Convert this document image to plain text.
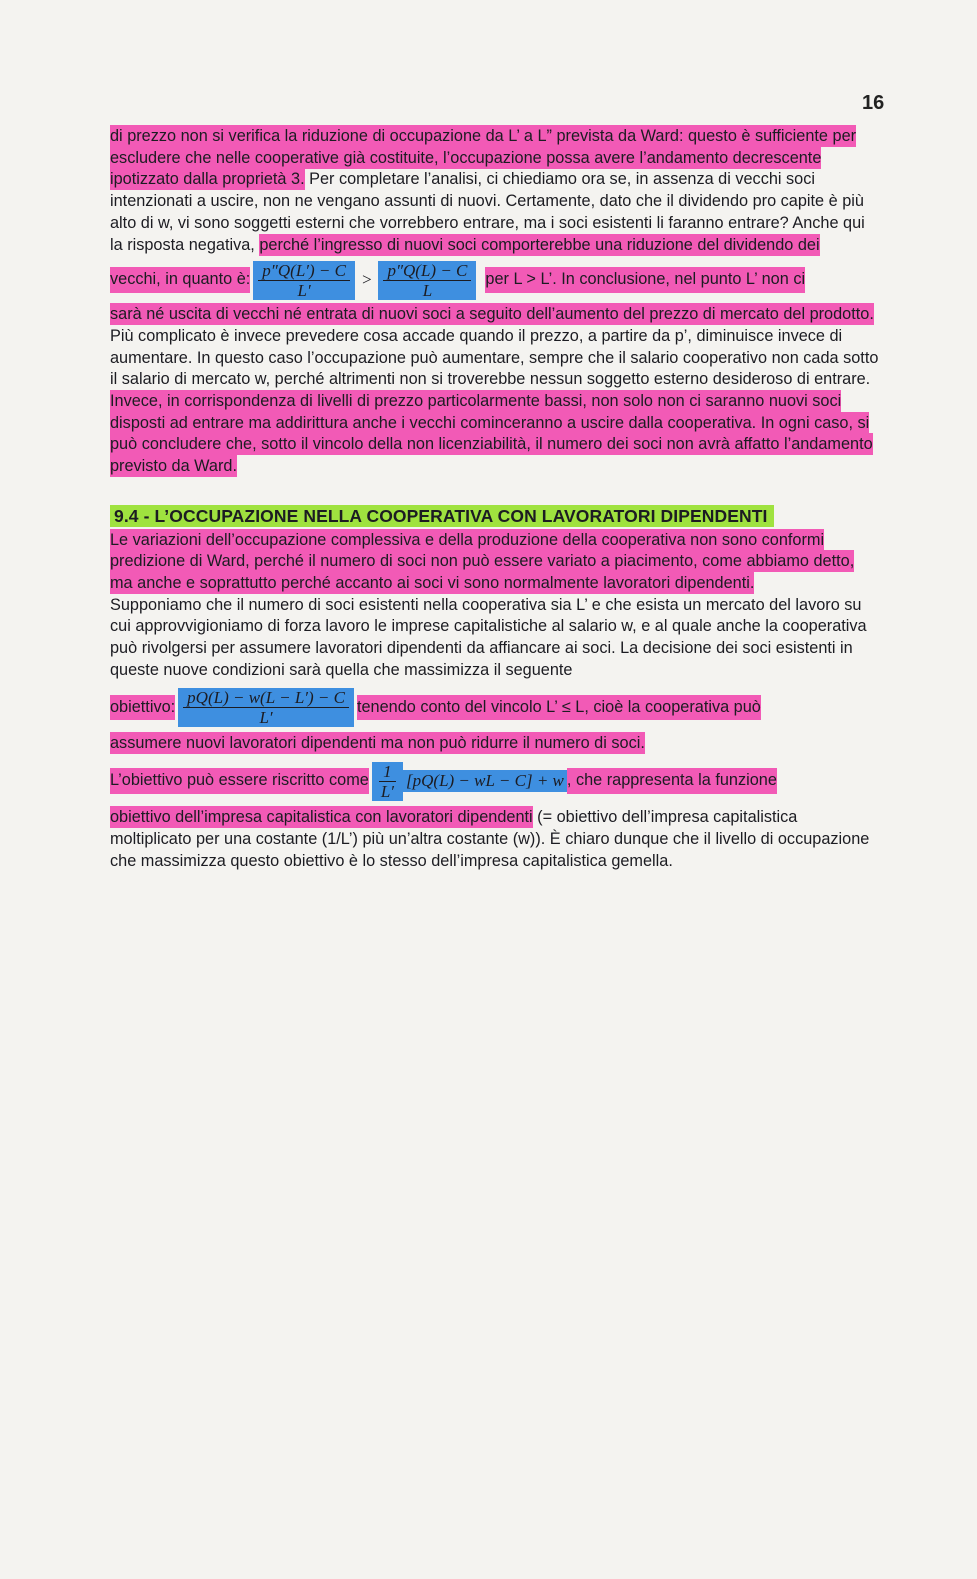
16

di prezzo non si verifica la riduzione di occupazione da L’ a L” prevista da Ward: questo è sufficiente per escludere che nelle cooperative già costituite, l’occupazione possa avere l’andamento decrescente ipotizzato dalla proprietà 3. Per completare l’analisi, ci chiediamo ora se, in assenza di vecchi soci intenzionati a uscire, non ne vengano assunti di nuovi. Certamente, dato che il dividendo pro capite è più alto di w, vi sono soggetti esterni che vorrebbero entrare, ma i soci esistenti li faranno entrare? Anche qui la risposta negativa, perché l’ingresso di nuovi soci comporterebbe una riduzione del dividendo dei

vecchi, in quanto è: $\frac{p''Q(L') - C}{L'} > \frac{p''Q(L) - C}{L}$ per L > L’. In conclusione, nel punto L’ non ci

sarà né uscita di vecchi né entrata di nuovi soci a seguito dell’aumento del prezzo di mercato del prodotto. Più complicato è invece prevedere cosa accade quando il prezzo, a partire da p’, diminuisce invece di aumentare. In questo caso l’occupazione può aumentare, sempre che il salario cooperativo non cada sotto il salario di mercato w, perché altrimenti non si troverebbe nessun soggetto esterno desideroso di entrare. Invece, in corrispondenza di livelli di prezzo particolarmente bassi, non solo non ci saranno nuovi soci disposti ad entrare ma addirittura anche i vecchi cominceranno a uscire dalla cooperativa. In ogni caso, si può concludere che, sotto il vincolo della non licenziabilità, il numero dei soci non avrà affatto l’andamento previsto da Ward.

9.4 - L’OCCUPAZIONE NELLA COOPERATIVA CON LAVORATORI DIPENDENTI

Le variazioni dell’occupazione complessiva e della produzione della cooperativa non sono conformi predizione di Ward, perché il numero di soci non può essere variato a piacimento, come abbiamo detto, ma anche e soprattutto perché accanto ai soci vi sono normalmente lavoratori dipendenti.

Supponiamo che il numero di soci esistenti nella cooperativa sia L’ e che esista un mercato del lavoro su cui approvvigioniamo di forza lavoro le imprese capitalistiche al salario w, e al quale anche la cooperativa può rivolgersi per assumere lavoratori dipendenti da affiancare ai soci. La decisione dei soci esistenti in queste nuove condizioni sarà quella che massimizza il seguente

obiettivo: $\frac{pQ(L) - w(L - L') - C}{L'}$ tenendo conto del vincolo L’ ≤ L, cioè la cooperativa può

assumere nuovi lavoratori dipendenti ma non può ridurre il numero di soci.

L’obiettivo può essere riscritto come $\frac{1}{L'} [pQ(L)$ − wL − C] + w , che rappresenta la funzione

obiettivo dell’impresa capitalistica con lavoratori dipendenti (= obiettivo dell’impresa capitalistica moltiplicato per una costante (1/L’) più un’altra costante (w)). È chiaro dunque che il livello di occupazione che massimizza questo obiettivo è lo stesso dell’impresa capitalistica gemella.
